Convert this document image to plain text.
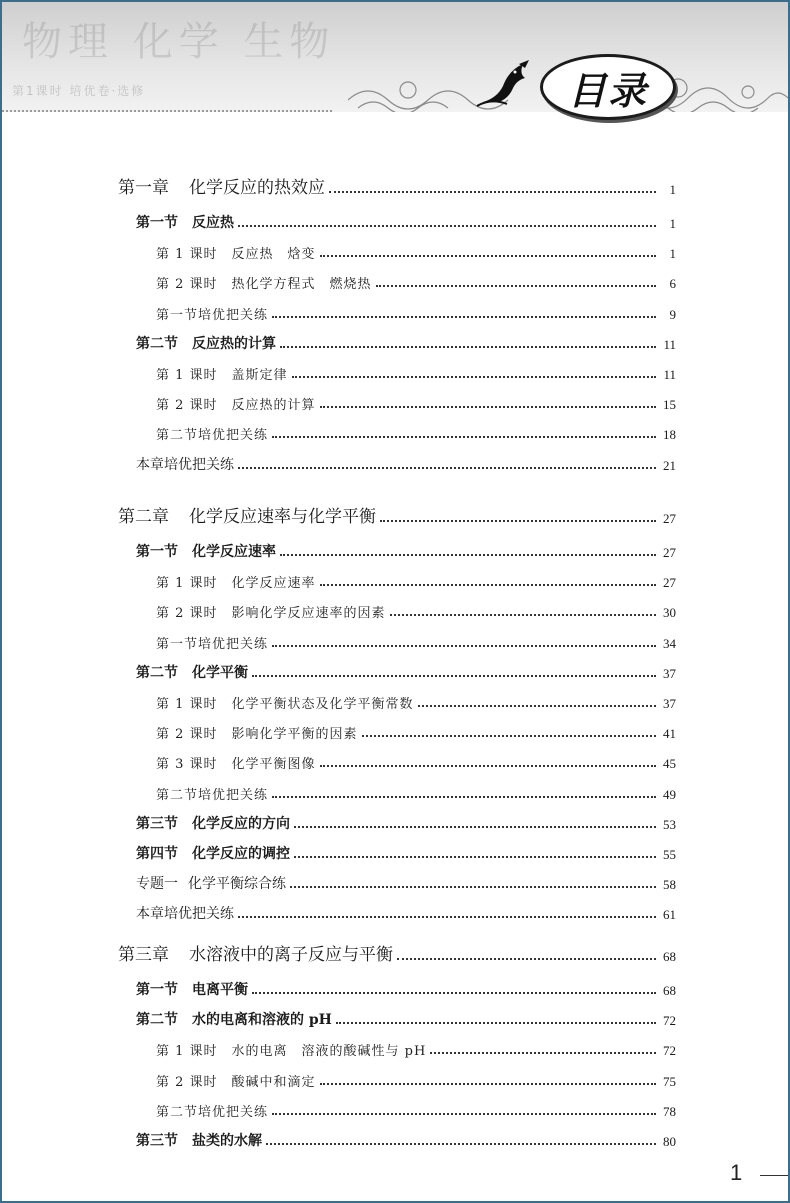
物理 化学 生物
第1课时 培优卷·选修	目录
第一章 化学反应的热效应	1
第一节 反应热	1
第 1 课时 反应热　焓变	1
第 2 课时 热化学方程式　燃烧热	6
第一节培优把关练	9
第二节 反应热的计算	11
第 1 课时 盖斯定律	11
第 2 课时 反应热的计算	15
第二节培优把关练	18
本章培优把关练	21
第二章 化学反应速率与化学平衡	27
第一节 化学反应速率	27
第 1 课时 化学反应速率	27
第 2 课时 影响化学反应速率的因素	30
第一节培优把关练	34
第二节 化学平衡	37
第 1 课时 化学平衡状态及化学平衡常数	37
第 2 课时 影响化学平衡的因素	41
第 3 课时 化学平衡图像	45
第二节培优把关练	49
第三节 化学反应的方向	53
第四节 化学反应的调控	55
专题一 化学平衡综合练	58
本章培优把关练	61
第三章 水溶液中的离子反应与平衡	68
第一节 电离平衡	68
第二节 水的电离和溶液的 pH	72
第 1 课时 水的电离　溶液的酸碱性与 pH	72
第 2 课时 酸碱中和滴定	75
第二节培优把关练	78
第三节 盐类的水解	80
1
